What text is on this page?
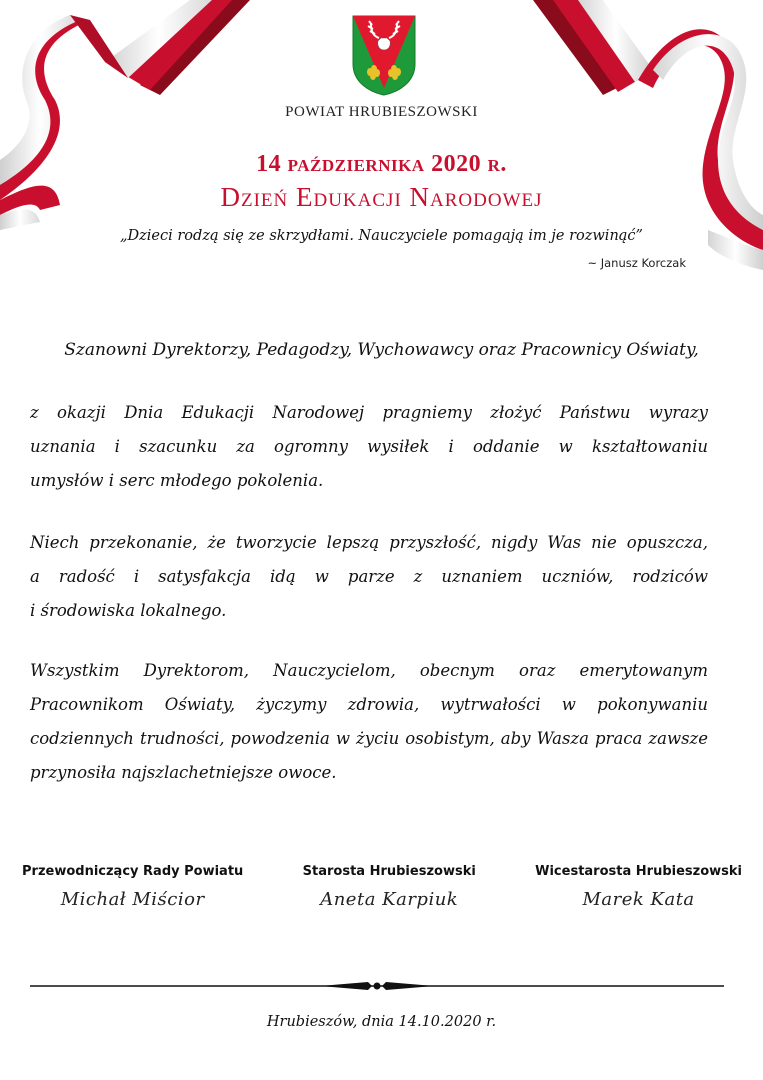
POWIAT HRUBIESZOWSKI
14 października 2020 r.
Dzień Edukacji Narodowej
„Dzieci rodzą się ze skrzydłami. Nauczyciele pomagają im je rozwinąć”
~ Janusz Korczak
Szanowni Dyrektorzy, Pedagodzy, Wychowawcy oraz Pracownicy Oświaty,
z okazji Dnia Edukacji Narodowej pragniemy złożyć Państwu wyrazy
uznania i szacunku za ogromny wysiłek i oddanie w kształtowaniu
umysłów i serc młodego pokolenia.
Niech przekonanie, że tworzycie lepszą przyszłość, nigdy Was nie opuszcza,
a radość i satysfakcja idą w parze z uznaniem uczniów, rodziców
i środowiska lokalnego.
Wszystkim Dyrektorom, Nauczycielom, obecnym oraz emerytowanym
Pracownikom Oświaty, życzymy zdrowia, wytrwałości w pokonywaniu
codziennych trudności, powodzenia w życiu osobistym, aby Wasza praca zawsze
przynosiła najszlachetniejsze owoce.
Przewodniczący Rady Powiatu
Michał Miścior
Starosta Hrubieszowski
Aneta Karpiuk
Wicestarosta Hrubieszowski
Marek Kata
Hrubieszów, dnia 14.10.2020 r.
